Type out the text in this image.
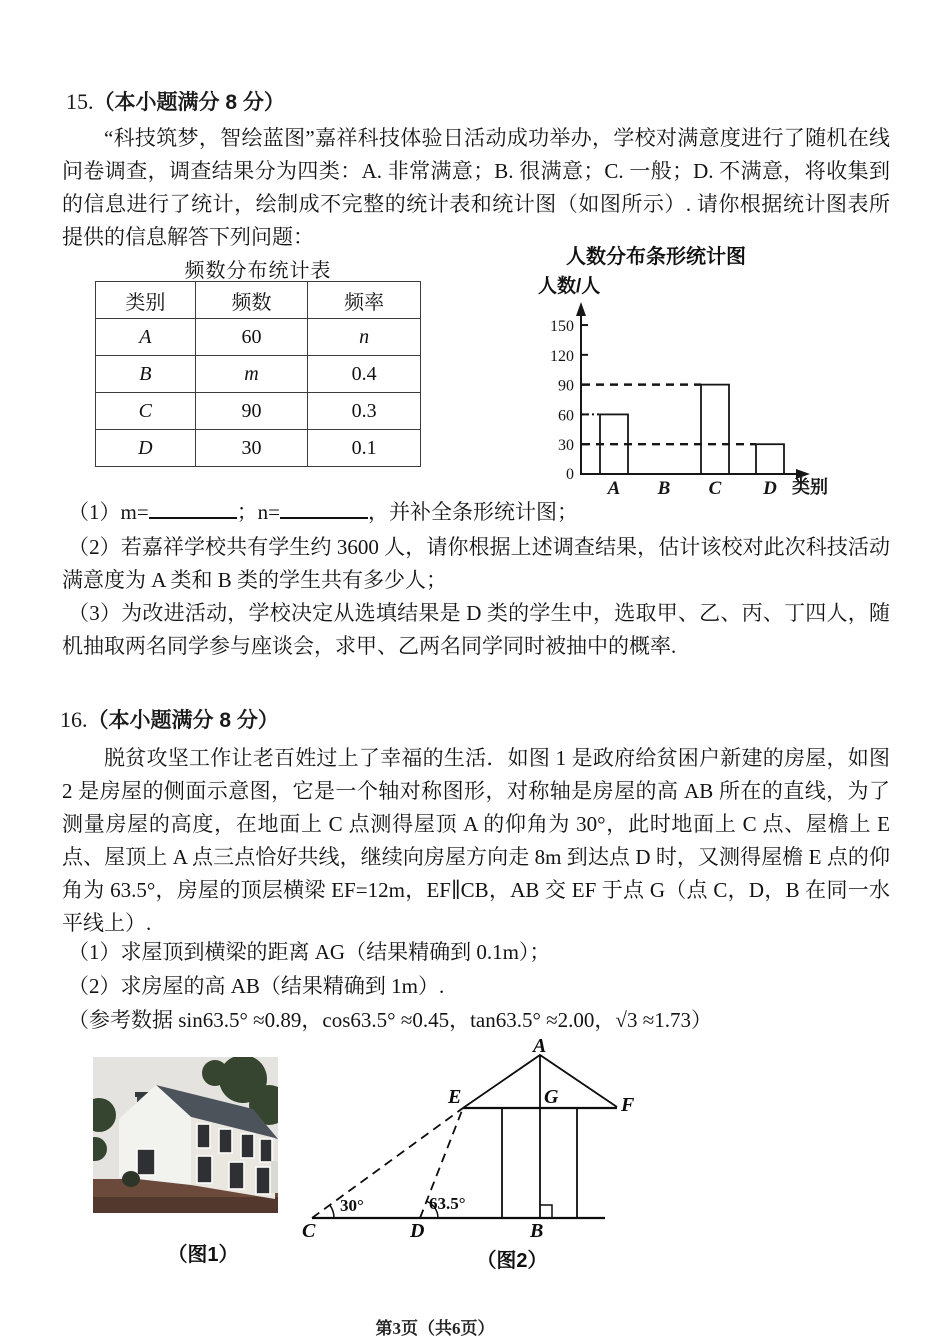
15.（本小题满分 8 分）
“科技筑梦，智绘蓝图”嘉祥科技体验日活动成功举办，学校对满意度进行了随机在线问卷调查，调查结果分为四类：A. 非常满意；B. 很满意；C. 一般；D. 不满意，将收集到的信息进行了统计，绘制成不完整的统计表和统计图（如图所示）. 请你根据统计图表所提供的信息解答下列问题：
频数分布统计表
类别	频数	频率
A	60	n
B	m	0.4
C	90	0.3
D	30	0.1
人数分布条形统计图
人数/人
0
30
60
90
120
150
A B C D 类别
（1）m=	；n=	，并补全条形统计图；
（2）若嘉祥学校共有学生约 3600 人，请你根据上述调查结果，估计该校对此次科技活动满意度为 A 类和 B 类的学生共有多少人；
（3）为改进活动，学校决定从选填结果是 D 类的学生中，选取甲、乙、丙、丁四人，随机抽取两名同学参与座谈会，求甲、乙两名同学同时被抽中的概率.
16.（本小题满分 8 分）
脱贫攻坚工作让老百姓过上了幸福的生活．如图 1 是政府给贫困户新建的房屋，如图 2 是房屋的侧面示意图，它是一个轴对称图形，对称轴是房屋的高 AB 所在的直线，为了测量房屋的高度，在地面上 C 点测得屋顶 A 的仰角为 30°，此时地面上 C 点、屋檐上 E 点、屋顶上 A 点三点恰好共线，继续向房屋方向走 8m 到达点 D 时，又测得屋檐 E 点的仰角为 63.5°，房屋的顶层横梁 EF=12m，EF∥CB，AB 交 EF 于点 G（点 C，D，B 在同一水平线上）.
（1）求屋顶到横梁的距离 AG（结果精确到 0.1m）；
（2）求房屋的高 AB（结果精确到 1m）.
（参考数据 sin63.5° ≈0.89，cos63.5° ≈0.45，tan63.5° ≈2.00，√3 ≈1.73）
（图1）
A
E	G	F
C	D	B
30°	63.5°
（图2）
第3页（共6页）
